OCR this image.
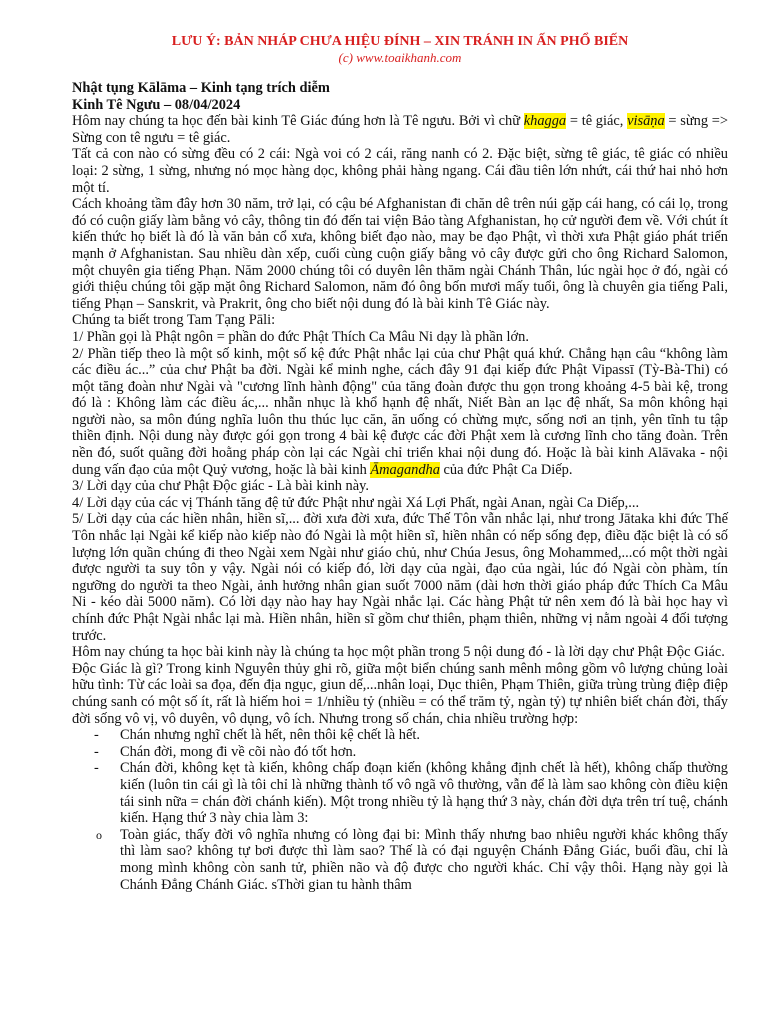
LƯU Ý: BẢN NHÁP CHƯA HIỆU ĐÍNH – XIN TRÁNH IN ẤN PHỔ BIẾN
(c) www.toaikhanh.com
Nhật tụng Kālāma – Kinh tạng trích diễm
Kinh Tê Ngưu – 08/04/2024

Hôm nay chúng ta học đến bài kinh Tê Giác đúng hơn là Tê ngưu. Bởi vì chữ khagga = tê giác, visāṇa = sừng => Sừng con tê ngưu = tê giác.

Tất cả con nào có sừng đều có 2 cái: Ngà voi có 2 cái, răng nanh có 2. Đặc biệt, sừng tê giác, tê giác có nhiều loại: 2 sừng, 1 sừng, nhưng nó mọc hàng dọc, không phải hàng ngang. Cái đầu tiên lớn nhứt, cái thứ hai nhỏ hơn một tí.

Cách khoảng tầm đây hơn 30 năm, trở lại, có cậu bé Afghanistan đi chăn dê trên núi gặp cái hang, có cái lọ, trong đó có cuộn giấy làm bằng vỏ cây, thông tin đó đến tai viện Bảo tàng Afghanistan, họ cử người đem về. Với chút ít kiến thức họ biết là đó là văn bản cổ xưa, không biết đạo nào, may be đạo Phật, vì thời xưa Phật giáo phát triển mạnh ở Afghanistan. Sau nhiều dàn xếp, cuối cùng cuộn giấy bằng vỏ cây được gửi cho ông Richard Salomon, một chuyên gia tiếng Phạn. Năm 2000 chúng tôi có duyên lên thăm ngài Chánh Thân, lúc ngài học ở đó, ngài có giới thiệu chúng tôi gặp mặt ông Richard Salomon, năm đó ông bốn mươi mấy tuổi, ông là chuyên gia tiếng Pali, tiếng Phạn – Sanskrit, và Prakrit, ông cho biết nội dung đó là bài kinh Tê Giác này.

Chúng ta biết trong Tam Tạng Pāli:

1/ Phần gọi là Phật ngôn = phần do đức Phật Thích Ca Mâu Ni dạy là phần lớn.

2/ Phần tiếp theo là một số kinh, một số kệ đức Phật nhắc lại của chư Phật quá khứ. Chẳng hạn câu “không làm các điều ác...” của chư Phật ba đời. Ngài kể minh nghe, cách đây 91 đại kiếp đức Phật Vipassī (Tỳ-Bà-Thi) có một tăng đoàn như Ngài và "cương lĩnh hành động" của tăng đoàn được thu gọn trong khoảng 4-5 bài kệ, trong đó là : Không làm các điều ác,... nhẫn nhục là khổ hạnh đệ nhất, Niết Bàn an lạc đệ nhất, Sa môn không hại người nào, sa môn đúng nghĩa luôn thu thúc lục căn, ăn uống có chừng mực, sống nơi an tịnh, yên tĩnh tu tập thiền định. Nội dung này được gói gọn trong 4 bài kệ được các đời Phật xem là cương lĩnh cho tăng đoàn. Trên nền đó, suốt quãng đời hoằng pháp còn lại các Ngài chỉ triển khai nội dung đó. Hoặc là bài kinh Alāvaka - nội dung vấn đạo của một Quỷ vương, hoặc là bài kinh Āmagandha của đức Phật Ca Diếp.

3/ Lời dạy của chư Phật Độc giác - Là bài kinh này.

4/ Lời dạy của các vị Thánh tăng đệ tử đức Phật như ngài Xá Lợi Phất, ngài Anan, ngài Ca Diếp,...

5/ Lời dạy của các hiền nhân, hiền sĩ,... đời xưa đời xưa, đức Thế Tôn vẫn nhắc lại, như trong Jātaka khi đức Thế Tôn nhắc lại Ngài kể kiếp nào kiếp nào đó Ngài là một hiền sĩ, hiền nhân có nếp sống đẹp, điều đặc biệt là có số lượng lớn quần chúng đi theo Ngài xem Ngài như giáo chủ, như Chúa Jesus, ông Mohammed,...có một thời ngài được người ta suy tôn y vậy. Ngài nói có kiếp đó, lời dạy của ngài, đạo của ngài, lúc đó Ngài còn phàm, tín ngưỡng do người ta theo Ngài, ảnh hưởng nhân gian suốt 7000 năm (dài hơn thời giáo pháp đức Thích Ca Mâu Ni - kéo dài 5000 năm). Có lời dạy nào hay hay Ngài nhắc lại. Các hàng Phật tử nên xem đó là bài học hay vì chính đức Phật Ngài nhắc lại mà. Hiền nhân, hiền sĩ gồm chư thiên, phạm thiên, những vị nằm ngoài 4 đối tượng trước.

Hôm nay chúng ta học bài kinh này là chúng ta học một phần trong 5 nội dung đó - là lời dạy chư Phật Độc Giác.

Độc Giác là gì? Trong kinh Nguyên thủy ghi rõ, giữa một biển chúng sanh mênh mông gồm vô lượng chủng loài hữu tình: Từ các loài sa đọa, đến địa ngục, giun dế,...nhân loại, Dục thiên, Phạm Thiên, giữa trùng trùng điệp điệp chúng sanh có một số ít, rất là hiếm hoi = 1/nhiều tỷ (nhiều = có thể trăm tỷ, ngàn tỷ) tự nhiên biết chán đời, thấy đời sống vô vị, vô duyên, vô dụng, vô ích. Nhưng trong số chán, chia nhiều trường hợp:

- Chán nhưng nghĩ chết là hết, nên thôi kệ chết là hết.
- Chán đời, mong đi về cõi nào đó tốt hơn.
- Chán đời, không kẹt tà kiến, không chấp đoạn kiến (không khẳng định chết là hết), không chấp thường kiến (luôn tin cái gì là tôi chỉ là những thành tố vô ngã vô thường, vẫn để là làm sao không còn điều kiện tái sinh nữa = chán đời chánh kiến). Một trong nhiều tỷ là hạng thứ 3 này, chán đời dựa trên trí tuệ, chánh kiến. Hạng thứ 3 này chia làm 3:
o Toàn giác, thấy đời vô nghĩa nhưng có lòng đại bi: Mình thấy nhưng bao nhiêu người khác không thấy thì làm sao? không tự bơi được thì làm sao? Thế là có đại nguyện Chánh Đẳng Giác, buổi đầu, chỉ là mong mình không còn sanh tử, phiền não và độ được cho người khác. Chỉ vậy thôi. Hạng này gọi là Chánh Đẳng Chánh Giác. sThời gian tu hành thâm
